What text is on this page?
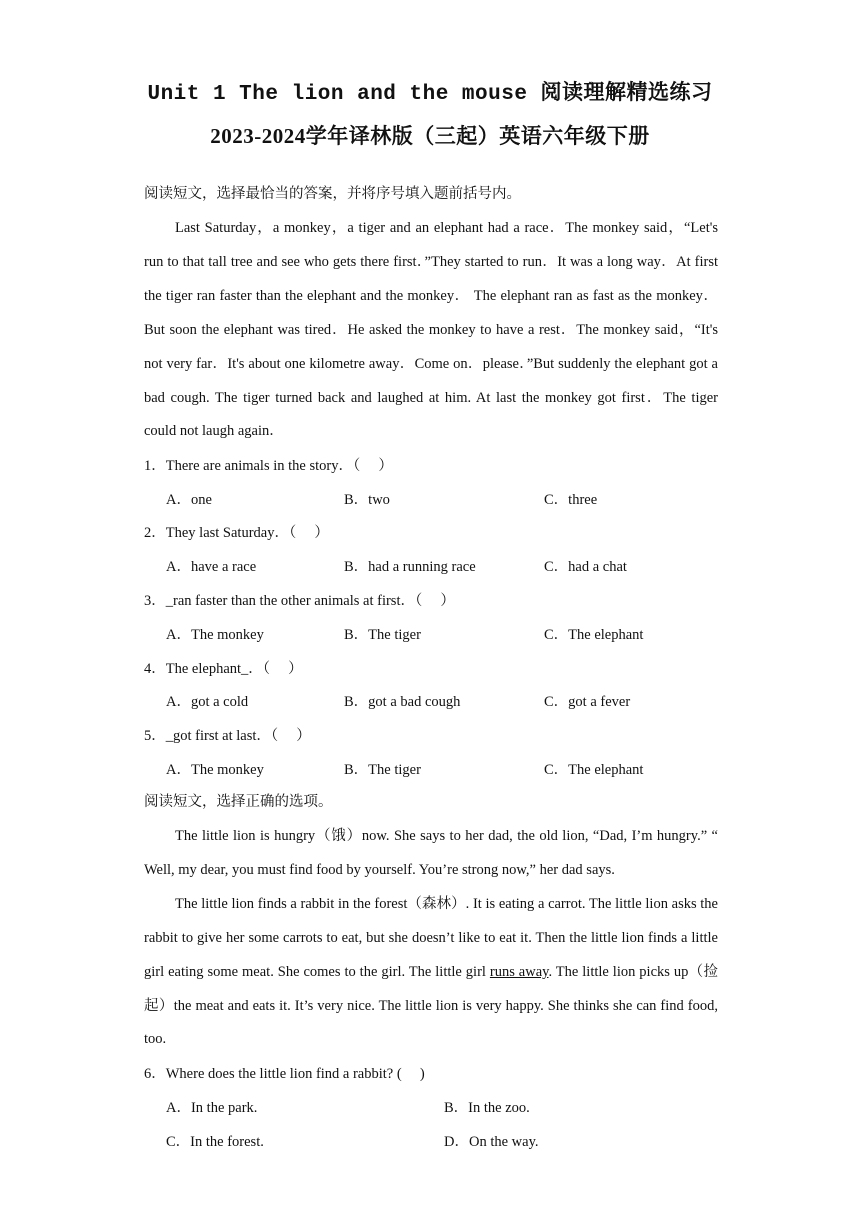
Unit 1 The lion and the mouse 阅读理解精选练习
2023-2024学年译林版（三起）英语六年级下册
阅读短文，选择最恰当的答案，并将序号填入题前括号内。

Last Saturday，a monkey，a tiger and an elephant had a race．The monkey said，“Let's run to that tall tree and see who gets there first．”They started to run．It was a long way．At first the tiger ran faster than the elephant and the monkey． The elephant ran as fast as the monkey．But soon the elephant was tired．He asked the monkey to have a rest．The monkey said，“It's not very far．It's about one kilometre away．Come on．please．”But suddenly the elephant got a bad cough. The tiger turned back and laughed at him. At last the monkey got first．The tiger could not laugh again．

1．There are animals in the story．（　 ）
A．one	B．two	C．three
2．They last Saturday．（　 ）
A．have a race	B．had a running race	C．had a chat
3．_ran faster than the other animals at first．（　 ）
A．The monkey	B．The tiger	C．The elephant
4．The elephant_．（　 ）
A．got a cold	B．got a bad cough	C．got a fever
5．_got first at last．（　 ）
A．The monkey	B．The tiger	C．The elephant
阅读短文，选择正确的选项。

The little lion is hungry（饿）now. She says to her dad, the old lion, “Dad, I’m hungry.” “ Well, my dear, you must find food by yourself. You’re strong now,” her dad says.

The little lion finds a rabbit in the forest（森林）. It is eating a carrot. The little lion asks the rabbit to give her some carrots to eat, but she doesn’t like to eat it. Then the little lion finds a little girl eating some meat. She comes to the girl. The little girl runs away. The little lion picks up（捡起）the meat and eats it. It’s very nice. The little lion is very happy. She thinks she can find food, too.

6．Where does the little lion find a rabbit? (　 )
A．In the park.	B．In the zoo.
C．In the forest.	D．On the way.
